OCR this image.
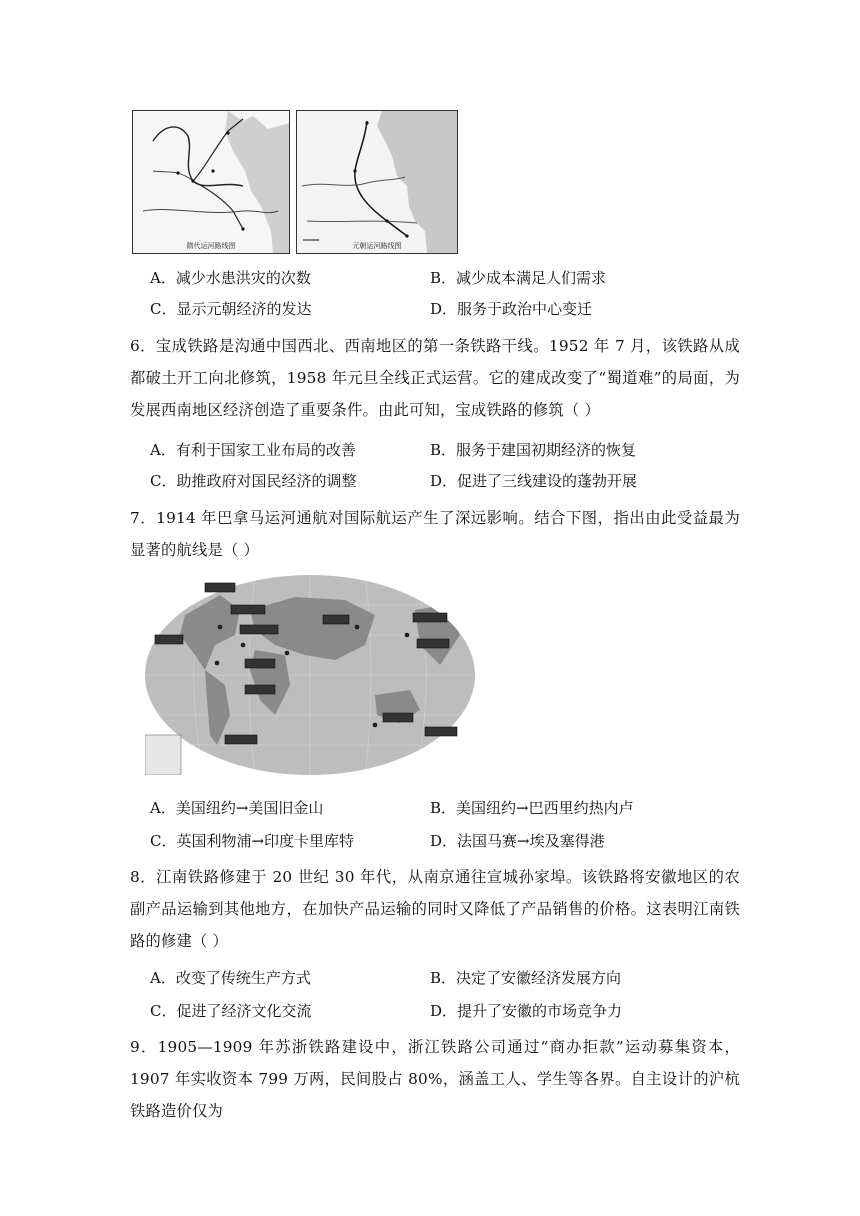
隋代运河路线图	元朝运河路线图
A．减少水患洪灾的次数	B．减少成本满足人们需求
C．显示元朝经济的发达	D．服务于政治中心变迁

6．宝成铁路是沟通中国西北、西南地区的第一条铁路干线。1952 年 7 月，该铁路从成都破土开工向北修筑，1958 年元旦全线正式运营。它的建成改变了“蜀道难”的局面，为发展西南地区经济创造了重要条件。由此可知，宝成铁路的修筑（ ）

A．有利于国家工业布局的改善	B．服务于建国初期经济的恢复
C．助推政府对国民经济的调整	D．促进了三线建设的蓬勃开展

7．1914 年巴拿马运河通航对国际航运产生了深远影响。结合下图，指出由此受益最为显著的航线是（ ）

A．美国纽约→美国旧金山	B．美国纽约→巴西里约热内卢
C．英国利物浦→印度卡里库特	D．法国马赛→埃及塞得港

8．江南铁路修建于 20 世纪 30 年代，从南京通往宣城孙家埠。该铁路将安徽地区的农副产品运输到其他地方，在加快产品运输的同时又降低了产品销售的价格。这表明江南铁路的修建（ ）

A．改变了传统生产方式	B．决定了安徽经济发展方向
C．促进了经济文化交流	D．提升了安徽的市场竞争力

9．1905—1909 年苏浙铁路建设中，浙江铁路公司通过“商办拒款”运动募集资本，1907 年实收资本 799 万两，民间股占 80%，涵盖工人、学生等各界。自主设计的沪杭铁路造价仅为
